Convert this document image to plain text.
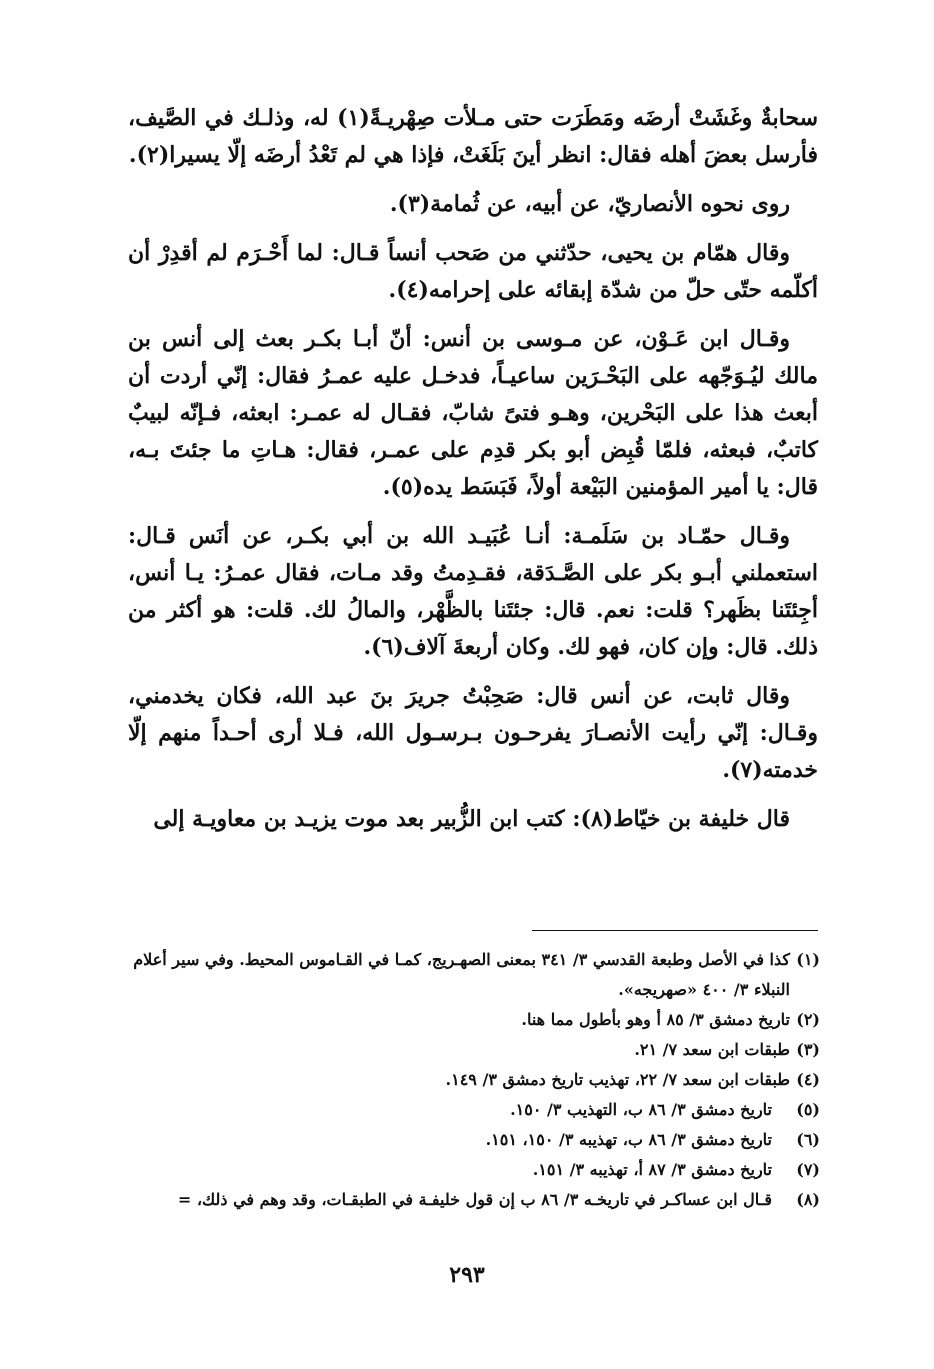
سحابةٌ وغَشَتْ أرضَه ومَطَرَت حتى مـلأت صِهْريـةً(١) له، وذلـك في الصَّيف، فأرسل بعضَ أهله فقال: انظر أينَ بَلَغَتْ، فإذا هي لم تَعْدُ أرضَه إلّا يسيرا(٢).

روى نحوه الأنصاريّ، عن أبيه، عن ثُمامة(٣).

وقال همّام بن يحيى، حدّثني من صَحب أنساً قـال: لما أَحْـرَم لم أقدِرْ أن أكلّمه حتّى حلّ من شدّة إبقائه على إحرامه(٤).

وقـال ابن عَـوْن، عن مـوسى بن أنس: أنّ أبـا بكـر بعث إلى أنس بن مالك ليُـوَجّهه على البَحْـرَين ساعيـاً، فدخـل عليه عمـرُ فقال: إنّي أردت أن أبعث هذا على البَحْرين، وهـو فتىً شابّ، فقـال له عمـر: ابعثه، فـإنّه لبيبٌ كاتبٌ، فبعثه، فلمّا قُبِض أبو بكر قدِم على عمـر، فقال: هـاتِ ما جئتَ بـه، قال: يا أمير المؤمنين البَيْعة أولاً، فَبَسَط يده(٥).

وقـال حمّـاد بن سَلَمـة: أنـا عُبَيـد الله بن أبي بكـر، عن أنَس قـال: استعملني أبـو بكر على الصَّـدَقة، فقـدِمتُ وقد مـات، فقال عمـرُ: يـا أنس، أجِئتَنا بظَهر؟ قلت: نعم. قال: جئتَنا بالظَّهْر، والمالُ لك. قلت: هو أكثر من ذلك. قال: وإن كان، فهو لك. وكان أربعةَ آلاف(٦).

وقال ثابت، عن أنس قال: صَحِبْتُ جريرَ بنَ عبد الله، فكان يخدمني، وقـال: إنّي رأيت الأنصـارَ يفرحـون بـرسـول الله، فـلا أرى أحـداً منهم إلّا خدمته(٧).

قال خليفة بن خيّاط(٨): كتب ابن الزُّبير بعد موت يزيـد بن معاويـة إلى

(١)
كذا في الأصل وطبعة القدسي ٣/ ٣٤١ بمعنى الصهـريج، كمـا في القـاموس المحيط. وفي سير أعلام النبلاء ٣/ ٤٠٠ «صهريجه».
(٢)
تاريخ دمشق ٣/ ٨٥ أ وهو بأطول مما هنا.
(٣)
طبقات ابن سعد ٧/ ٢١.
(٤)
طبقات ابن سعد ٧/ ٢٢، تهذيب تاريخ دمشق ٣/ ١٤٩.
(٥)
تاريخ دمشق ٣/ ٨٦ ب، التهذيب ٣/ ١٥٠.
(٦)
تاريخ دمشق ٣/ ٨٦ ب، تهذيبه ٣/ ١٥٠، ١٥١.
(٧)
تاريخ دمشق ٣/ ٨٧ أ، تهذيبه ٣/ ١٥١.
(٨)
قـال ابن عساكـر في تاريخـه ٣/ ٨٦ ب إن قول خليفـة في الطبقـات، وقد وهم في ذلك، =
٢٩٣
